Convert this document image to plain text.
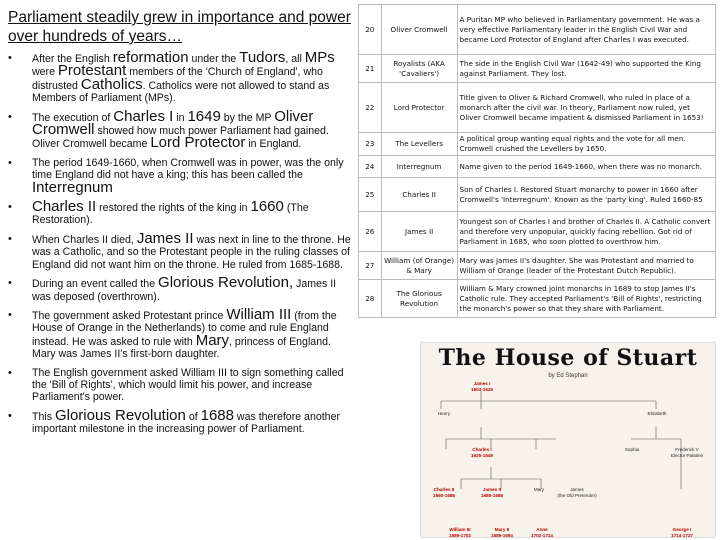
Parliament steadily grew in importance and power over hundreds of years…
• After the English reformation under the Tudors, all MPs were Protestant members of the 'Church of England', who distrusted Catholics. Catholics were not allowed to stand as Members of Parliament (MPs).
• The execution of Charles I in 1649 by the MP Oliver Cromwell showed how much power Parliament had gained. Oliver Cromwell became Lord Protector in England.
• The period 1649-1660, when Cromwell was in power, was the only time England did not have a king; this has been called the Interregnum
• Charles II restored the rights of the king in 1660 (The Restoration).
• When Charles II died, James II was next in line to the throne. He was a Catholic, and so the Protestant people in the ruling classes of England did not want him on the throne. He ruled from 1685-1688.
• During an event called the Glorious Revolution, James II was deposed (overthrown).
• The government asked Protestant prince William III (from the House of Orange in the Netherlands) to come and rule England instead. He was asked to rule with Mary, princess of England. Mary was James II's first-born daughter.
• The English government asked William III to sign something called the 'Bill of Rights', which would limit his power, and increase Parliament's power.
• This Glorious Revolution of 1688 was therefore another important milestone in the increasing power of Parliament.
20	Oliver Cromwell	A Puritan MP who believed in Parliamentary government. He was a very effective Parliamentary leader in the English Civil War and became Lord Protector of England after Charles I was executed.
21	Royalists (AKA 'Cavaliers')	The side in the English Civil War (1642-49) who supported the King against Parliament. They lost.
22	Lord Protector	Title given to Oliver & Richard Cromwell, who ruled in place of a monarch after the civil war. In theory, Parliament now ruled, yet Oliver Cromwell became impatient & dismissed Parliament in 1653!
23	The Levellers	A political group wanting equal rights and the vote for all men. Cromwell crushed the Levellers by 1650.
24	Interregnum	Name given to the period 1649-1660, when there was no monarch.
25	Charles II	Son of Charles I. Restored Stuart monarchy to power in 1660 after Cromwell's 'Interregnum'. Known as the 'party king'. Ruled 1660-85
26	James II	Youngest son of Charles I and brother of Charles II. A Catholic convert and therefore very unpopular, quickly facing rebellion. Got rid of Parliament in 1685, who soon plotted to overthrow him.
27	William (of Orange) & Mary	Mary was James II's daughter. She was Protestant and married to William of Orange (leader of the Protestant Dutch Republic).
28	The Glorious Revolution	William & Mary crowned joint monarchs in 1689 to stop James II's Catholic rule. They accepted Parliament's 'Bill of Rights', restricting the monarch's power so that they share with Parliament.
The House of Stuart
by Ed Stephan
James I
1603-1625
Henry	Elizabeth
Charles I
1625-1649
Charles II
1660-1685
James II
1685-1688
Mary
William III
1689-1702
Mary II
1689-1694
Anne
1702-1714
James
(the Old Pretender)
Frederick V
Elector Palatine
Sophia
George I
1714-1727
